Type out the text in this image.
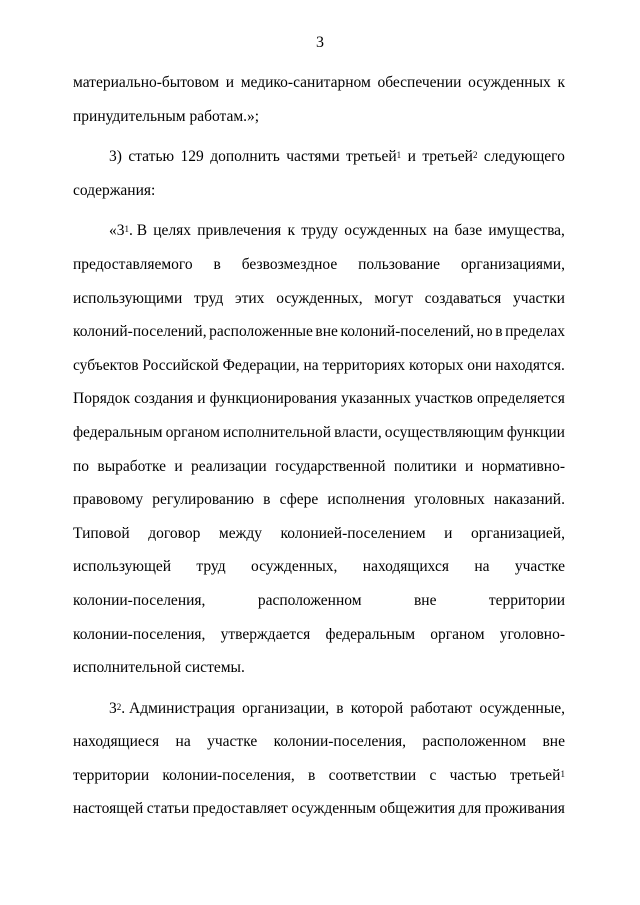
3
материально-бытовом и медико-санитарном обеспечении осужденных к
принудительным работам.»;
3) статью 129 дополнить частями третьей$^1$ и третьей$^2$ следующего
содержания:
«$3^1$. В целях привлечения к труду осужденных на базе имущества,
предоставляемого в безвозмездное пользование организациями,
использующими труд этих осужденных, могут создаваться участки
колоний-поселений, расположенные вне колоний-поселений, но в пределах
субъектов Российской Федерации, на территориях которых они находятся.
Порядок создания и функционирования указанных участков определяется
федеральным органом исполнительной власти, осуществляющим функции
по выработке и реализации государственной политики и нормативно-
правовому регулированию в сфере исполнения уголовных наказаний.
Типовой договор между колонией-поселением и организацией,
использующей труд осужденных, находящихся на участке
колонии-поселения,	расположенном	вне	территории
колонии-поселения, утверждается федеральным органом уголовно-
исполнительной системы.
$3^2$. Администрация организации, в которой работают осужденные,
находящиеся на участке колонии-поселения, расположенном вне
территории колонии-поселения, в соответствии с частью третьей$^1$
настоящей статьи предоставляет осужденным общежития для проживания
